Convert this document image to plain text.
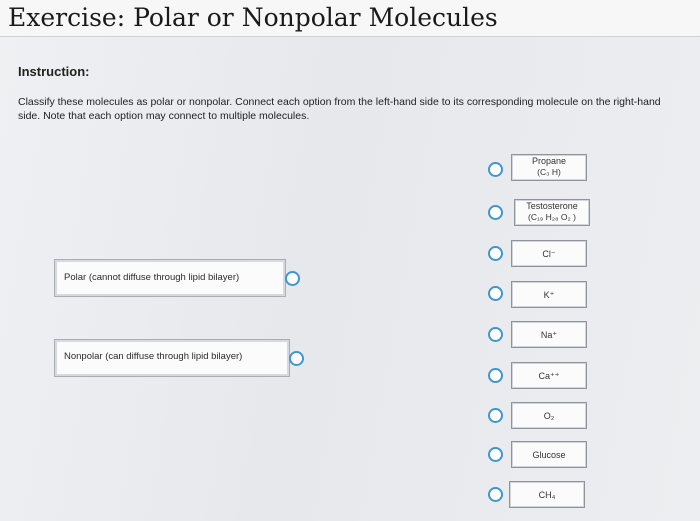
Exercise: Polar or Nonpolar Molecules
Instruction:
Classify these molecules as polar or nonpolar. Connect each option from the left-hand side to its corresponding molecule on the right-hand side. Note that each option may connect to multiple molecules.
Polar (cannot diffuse through lipid bilayer)
Nonpolar (can diffuse through lipid bilayer)
Propane
(C₃ H)
Testosterone
(C₁₉ H₂₈ O₂ )
Cl⁻
K⁺
Na⁺
Ca⁺⁺
O₂
Glucose
CH₄
